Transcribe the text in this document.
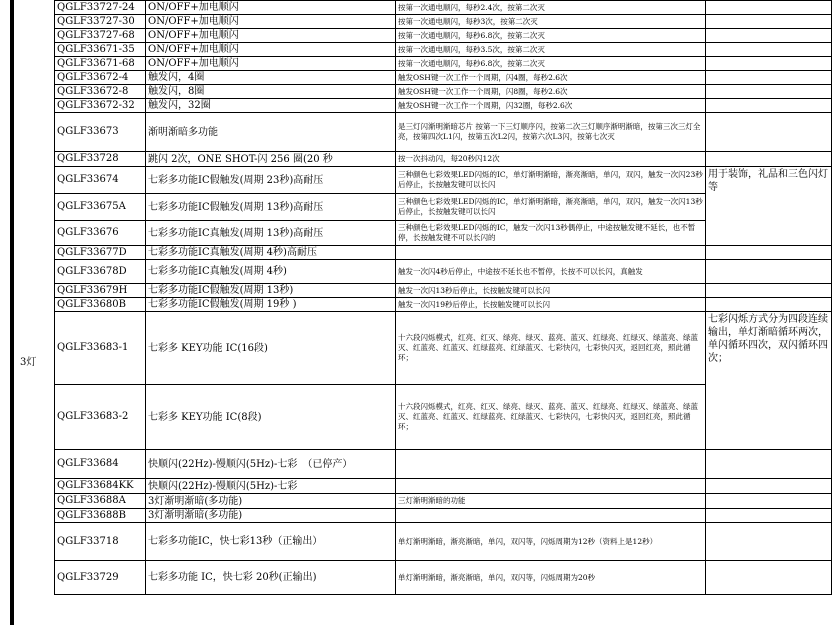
3灯
QGLF33727-24	ON/OFF+加电顺闪	按第一次通电顺闪，每秒2.4次，按第二次灭	
QGLF33727-30	ON/OFF+加电顺闪	按第一次通电顺闪，每秒3次，按第二次灭	
QGLF33727-68	ON/OFF+加电顺闪	按第一次通电顺闪，每秒6.8次，按第二次灭	
QGLF33671-35	ON/OFF+加电顺闪	按第一次通电顺闪，每秒3.5次，按第二次灭	
QGLF33671-68	ON/OFF+加电顺闪	按第一次通电顺闪，每秒6.8次，按第二次灭	
QGLF33672-4	触发闪，4圈	触发OSH键一次工作一个周期，闪4圈，每秒2.6次	
QGLF33672-8	触发闪，8圈	触发OSH键一次工作一个周期，闪8圈，每秒2.6次	
QGLF33672-32	触发闪，32圈	触发OSH键一次工作一个周期，闪32圈，每秒2.6次	
QGLF33673	渐明渐暗多功能	是三灯闪渐明渐暗芯片 按第一下三灯顺序闪，按第二次三灯顺序渐明渐暗，按第三次三灯全亮，按第四次L1闪，按第五次L2闪，按第六次L3闪，按第七次灭	
QGLF33728	跳闪 2次，ONE SHOT-闪 256 圈(20 秒	按一次抖动闪，每20秒闪12次	
QGLF33674	七彩多功能IC假触发(周期 23秒)高耐压	三种颜色七彩效果LED闪烁的IC，单灯渐明渐暗，渐亮渐暗，单闪，双闪，触发一次闪23秒后停止，长按触发键可以长闪	用于装饰，礼品和三色闪灯等
QGLF33675A	七彩多功能IC假触发(周期 13秒)高耐压	三种颜色七彩效果LED闪烁的IC，单灯渐明渐暗，渐亮渐暗，单闪，双闪，触发一次闪13秒后停止，长按触发键可以长闪	
QGLF33676	七彩多功能IC真触发(周期 13秒)高耐压	三种颜色七彩效果LED闪烁的IC，触发一次闪13秒偶停止，中途按触发键不延长，也不暂停，长按触发键不可以长闪的	
QGLF33677D	七彩多功能IC真触发(周期 4秒)高耐压		
QGLF33678D	七彩多功能IC真触发(周期 4秒)	触发一次闪4秒后停止，中途按不延长也不暂停，长按不可以长闪，真触发	
QGLF33679H	七彩多功能IC假触发(周期 13秒)	触发一次闪13秒后停止，长按触发键可以长闪	
QGLF33680B	七彩多功能IC假触发(周期 19秒 )	触发一次闪19秒后停止，长按触发键可以长闪	
QGLF33683-1	七彩多 KEY功能 IC(16段)	十六段闪烁模式，红亮、红灭、绿亮、绿灭、蓝亮、蓝灭、红绿亮、红绿灭、绿蓝亮、绿蓝灭、红蓝亮、红蓝灭、红绿蓝亮、红绿蓝灭、七彩快闪，七彩快闪灭，返回红亮，照此循环；	七彩闪烁方式分为四段连续输出，单灯渐暗循环两次，单闪循环四次，双闪循环四次；
QGLF33683-2	七彩多 KEY功能 IC(8段)	十六段闪烁模式，红亮、红灭、绿亮、绿灭、蓝亮、蓝灭、红绿亮、红绿灭、绿蓝亮、绿蓝灭、红蓝亮、红蓝灭、红绿蓝亮、红绿蓝灭、七彩快闪，七彩快闪灭，返回红亮，照此循环；	
QGLF33684	快顺闪(22Hz)-慢顺闪(5Hz)-七彩　（已停产）		
QGLF33684KK	快顺闪(22Hz)-慢顺闪(5Hz)-七彩		
QGLF33688A	3灯渐明渐暗(多功能)	三灯渐明渐暗的功能	
QGLF33688B	3灯渐明渐暗(多功能)		
QGLF33718	七彩多功能IC，快七彩13秒（正输出）	单灯渐明渐暗，渐亮渐暗，单闪，双闪等，闪烁周期为12秒（资料上是12秒）	
QGLF33729	七彩多功能 IC，快七彩 20秒(正输出)	单灯渐明渐暗，渐亮渐暗，单闪，双闪等，闪烁周期为20秒	
